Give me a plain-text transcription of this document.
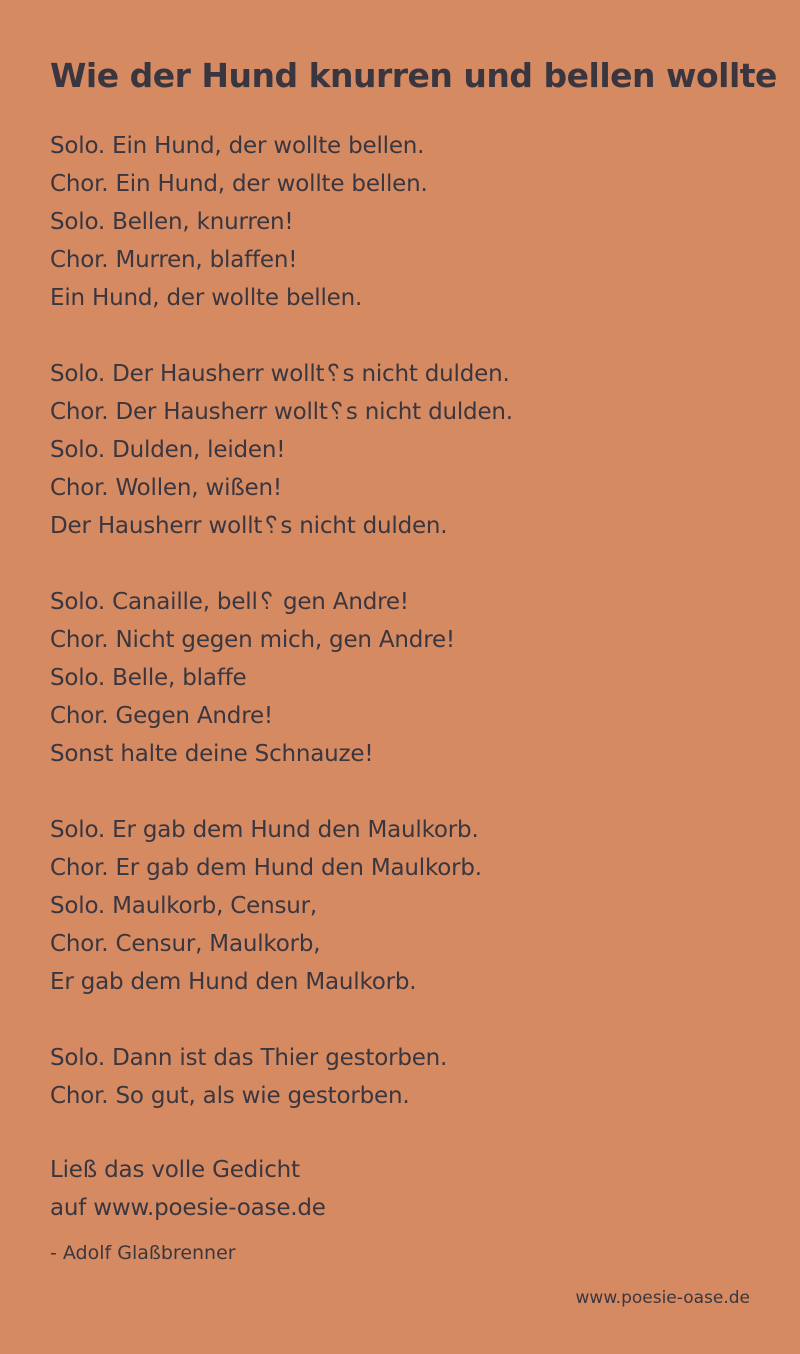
Wie der Hund knurren und bellen wollte
Solo. Ein Hund, der wollte bellen.
Chor. Ein Hund, der wollte bellen.
Solo. Bellen, knurren!
Chor. Murren, blaffen!
Ein Hund, der wollte bellen.
Solo. Der Hausherr wollt␦s nicht dulden.
Chor. Der Hausherr wollt␦s nicht dulden.
Solo. Dulden, leiden!
Chor. Wollen, wißen!
Der Hausherr wollt␦s nicht dulden.
Solo. Canaille, bell␦ gen Andre!
Chor. Nicht gegen mich, gen Andre!
Solo. Belle, blaffe
Chor. Gegen Andre!
Sonst halte deine Schnauze!
Solo. Er gab dem Hund den Maulkorb.
Chor. Er gab dem Hund den Maulkorb.
Solo. Maulkorb, Censur,
Chor. Censur, Maulkorb,
Er gab dem Hund den Maulkorb.
Solo. Dann ist das Thier gestorben.
Chor. So gut, als wie gestorben.
Ließ das volle Gedicht
auf www.poesie-oase.de
- Adolf Glaßbrenner
www.poesie-oase.de
